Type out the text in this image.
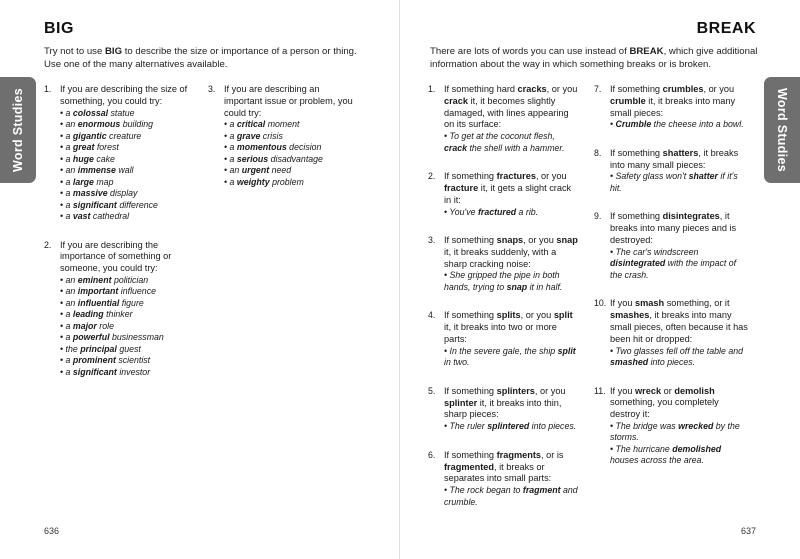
BIG
Try not to use BIG to describe the size or importance of a person or thing. Use one of the many alternatives available.
Word Studies 1. If you are describing the size of something, you could try:
• a colossal statue
• an enormous building
• a gigantic creature
• a great forest
• a huge cake
• an immense wall
• a large map
• a massive display
• a significant difference
• a vast cathedral
2. If you are describing the importance of something or someone, you could try:
• an eminent politician
• an important influence
• an influential figure
• a leading thinker
• a major role
• a powerful businessman
• the principal guest
• a prominent scientist
• a significant investor
3. If you are describing an important issue or problem, you could try:
• a critical moment
• a grave crisis
• a momentous decision
• a serious disadvantage
• an urgent need
• a weighty problem
636
BREAK
There are lots of words you can use instead of BREAK, which give additional information about the way in which something breaks or is broken.
Word Studies
1. If something hard cracks, or you crack it, it becomes slightly damaged, with lines appearing on its surface:
• To get at the coconut flesh, crack the shell with a hammer.
2. If something fractures, or you fracture it, it gets a slight crack in it:
• You've fractured a rib.
3. If something snaps, or you snap it, it breaks suddenly, with a sharp cracking noise:
• She gripped the pipe in both hands, trying to snap it in half.
4. If something splits, or you split it, it breaks into two or more parts:
• In the severe gale, the ship split in two.
5. If something splinters, or you splinter it, it breaks into thin, sharp pieces:
• The ruler splintered into pieces.
6. If something fragments, or is fragmented, it breaks or separates into small parts:
• The rock began to fragment and crumble.
7. If something crumbles, or you crumble it, it breaks into many small pieces:
• Crumble the cheese into a bowl.
8. If something shatters, it breaks into many small pieces:
• Safety glass won't shatter if it's hit.
9. If something disintegrates, it breaks into many pieces and is destroyed:
• The car's windscreen disintegrated with the impact of the crash.
10. If you smash something, or it smashes, it breaks into many small pieces, often because it has been hit or dropped:
• Two glasses fell off the table and smashed into pieces.
11. If you wreck or demolish something, you completely destroy it:
• The bridge was wrecked by the storms.
• The hurricane demolished houses across the area.
637
